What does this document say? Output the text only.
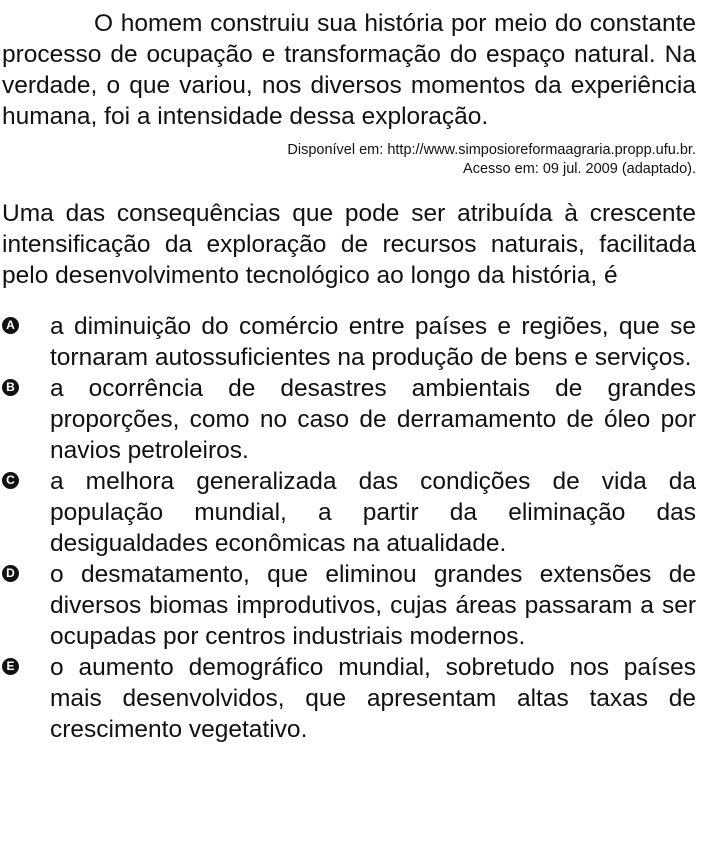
O homem construiu sua história por meio do constante processo de ocupação e transformação do espaço natural. Na verdade, o que variou, nos diversos momentos da experiência humana, foi a intensidade dessa exploração.

Disponível em: http://www.simposioreformaagraria.propp.ufu.br.
Acesso em: 09 jul. 2009 (adaptado).

Uma das consequências que pode ser atribuída à crescente intensificação da exploração de recursos naturais, facilitada pelo desenvolvimento tecnológico ao longo da história, é

A a diminuição do comércio entre países e regiões, que se tornaram autossuficientes na produção de bens e serviços.
B a ocorrência de desastres ambientais de grandes proporções, como no caso de derramamento de óleo por navios petroleiros.
C a melhora generalizada das condições de vida da população mundial, a partir da eliminação das desigualdades econômicas na atualidade.
D o desmatamento, que eliminou grandes extensões de diversos biomas improdutivos, cujas áreas passaram a ser ocupadas por centros industriais modernos.
E o aumento demográfico mundial, sobretudo nos países mais desenvolvidos, que apresentam altas taxas de crescimento vegetativo.
